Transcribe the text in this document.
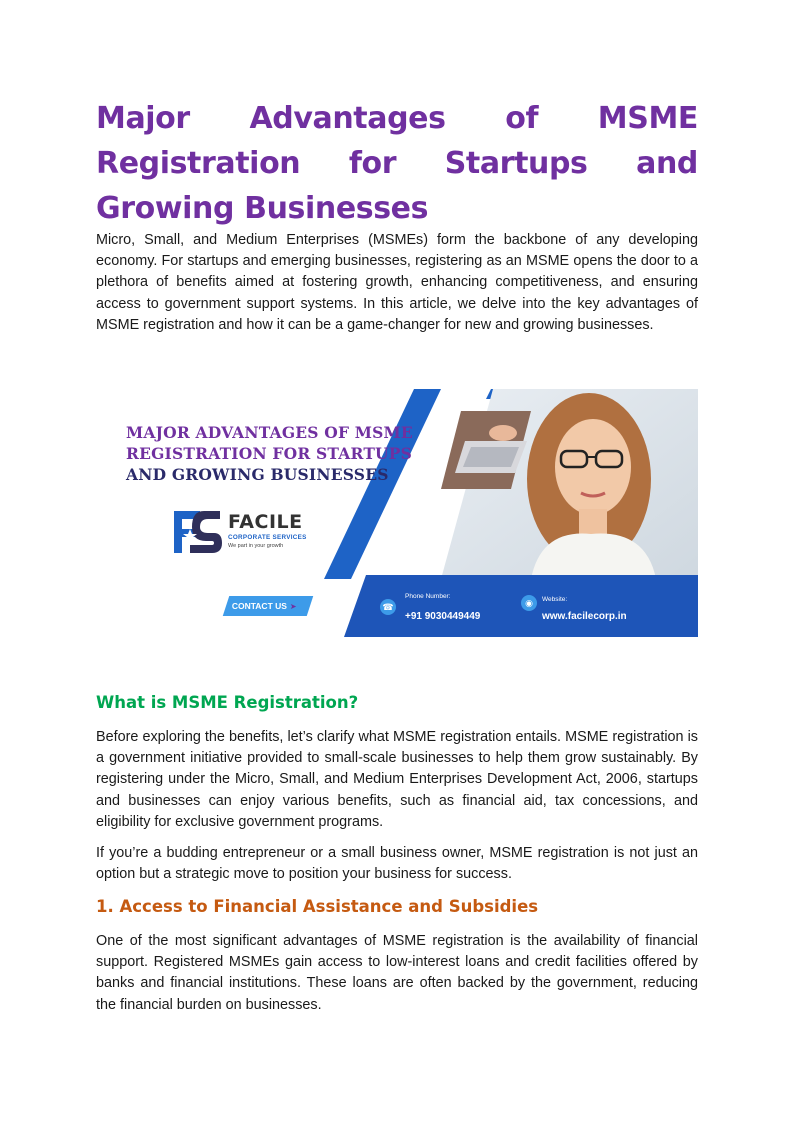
Major Advantages of MSME Registration for Startups and Growing Businesses

Micro, Small, and Medium Enterprises (MSMEs) form the backbone of any developing economy. For startups and emerging businesses, registering as an MSME opens the door to a plethora of benefits aimed at fostering growth, enhancing competitiveness, and ensuring access to government support systems. In this article, we delve into the key advantages of MSME registration and how it can be a game-changer for new and growing businesses.

What is MSME Registration?

Before exploring the benefits, let’s clarify what MSME registration entails. MSME registration is a government initiative provided to small-scale businesses to help them grow sustainably. By registering under the Micro, Small, and Medium Enterprises Development Act, 2006, startups and businesses can enjoy various benefits, such as financial aid, tax concessions, and eligibility for exclusive government programs.

If you’re a budding entrepreneur or a small business owner, MSME registration is not just an option but a strategic move to position your business for success.

1. Access to Financial Assistance and Subsidies

One of the most significant advantages of MSME registration is the availability of financial support. Registered MSMEs gain access to low-interest loans and credit facilities offered by banks and financial institutions. These loans are often backed by the government, reducing the financial burden on businesses.

MAJOR ADVANTAGES OF MSME
REGISTRATION FOR STARTUPS
AND GROWING BUSINESSES
FACILE
CORPORATE SERVICES
We part in your growth
CONTACT US ➤	☎
Phone Number:
+91 9030449449
◉	Website:
www.facilecorp.in
